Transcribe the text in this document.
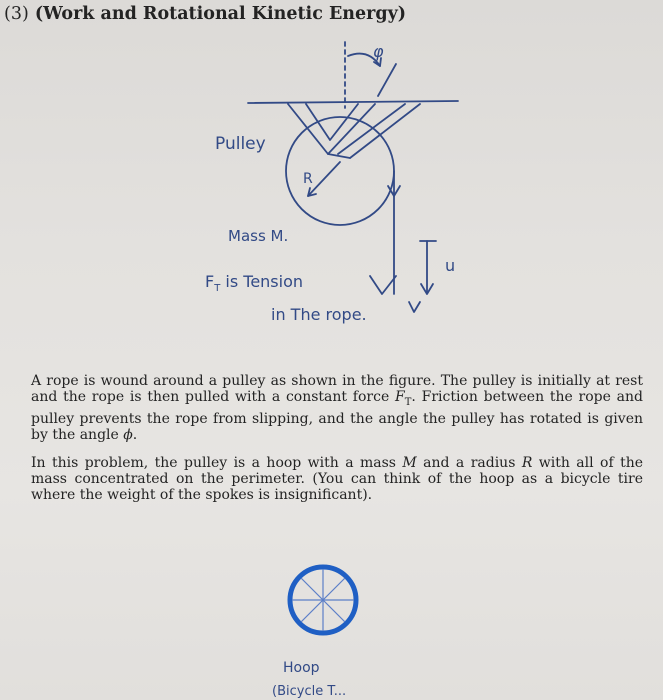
(3) (Work and Rotational Kinetic Energy)
φ
Pulley
R
Mass M.
$F_T$ is Tension
in The rope.
u

A rope is wound around a pulley as shown in the figure. The pulley is initially at rest and the rope is then pulled with a constant force $F_T$. Friction between the rope and pulley prevents the rope from slipping, and the angle the pulley has rotated is given by the angle ϕ.

In this problem, the pulley is a hoop with a mass M and a radius R with all of the mass concentrated on the perimeter. (You can think of the hoop as a bicycle tire where the weight of the spokes is insignificant).

Hoop
(Bicycle T...
